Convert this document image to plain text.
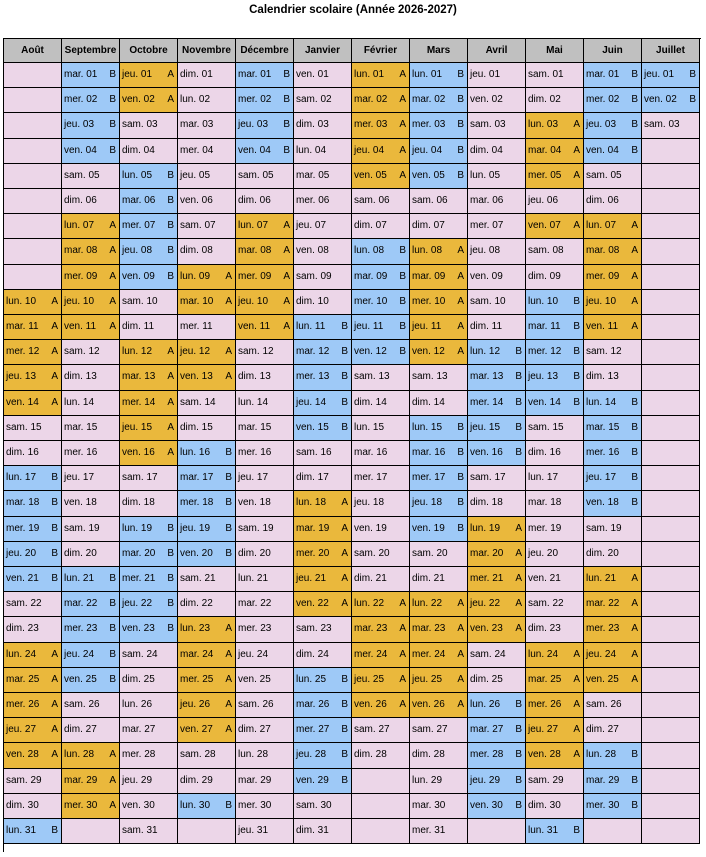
Calendrier scolaire (Année 2026-2027)
Août
lun. 10 A
mar. 11 A
mer. 12 A
jeu. 13 A
ven. 14 A
sam. 15
dim. 16
lun. 17 B
mar. 18 B
mer. 19 B
jeu. 20 B
ven. 21 B
sam. 22
dim. 23
lun. 24 A
mar. 25 A
mer. 26 A
jeu. 27 A
ven. 28 A
sam. 29
dim. 30
lun. 31 B
Septembre
mar. 01 B
mer. 02 B
jeu. 03 B
ven. 04 B
sam. 05
dim. 06
lun. 07 A
mar. 08 A
mer. 09 A
jeu. 10 A
ven. 11 A
sam. 12
dim. 13
lun. 14
mar. 15
mer. 16
jeu. 17
ven. 18
sam. 19
dim. 20
lun. 21 B
mar. 22 B
mer. 23 B
jeu. 24 B
ven. 25 B
sam. 26
dim. 27
lun. 28 A
mar. 29 A
mer. 30 A
Octobre
jeu. 01 A
ven. 02 A
sam. 03
dim. 04
lun. 05 B
mar. 06 B
mer. 07 B
jeu. 08 B
ven. 09 B
sam. 10
dim. 11
lun. 12 A
mar. 13 A
mer. 14 A
jeu. 15 A
ven. 16 A
sam. 17
dim. 18
lun. 19 B
mar. 20 B
mer. 21 B
jeu. 22 B
ven. 23 B
sam. 24
dim. 25
lun. 26
mar. 27
mer. 28
jeu. 29
ven. 30
sam. 31
Novembre
dim. 01
lun. 02
mar. 03
mer. 04
jeu. 05
ven. 06
sam. 07
dim. 08
lun. 09 A
mar. 10 A
mer. 11
jeu. 12 A
ven. 13 A
sam. 14
dim. 15
lun. 16 B
mar. 17 B
mer. 18 B
jeu. 19 B
ven. 20 B
sam. 21
dim. 22
lun. 23 A
mar. 24 A
mer. 25 A
jeu. 26 A
ven. 27 A
sam. 28
dim. 29
lun. 30 B
Décembre
mar. 01 B
mer. 02 B
jeu. 03 B
ven. 04 B
sam. 05
dim. 06
lun. 07 A
mar. 08 A
mer. 09 A
jeu. 10 A
ven. 11 A
sam. 12
dim. 13
lun. 14
mar. 15
mer. 16
jeu. 17
ven. 18
sam. 19
dim. 20
lun. 21
mar. 22
mer. 23
jeu. 24
ven. 25
sam. 26
dim. 27
lun. 28
mar. 29
mer. 30
jeu. 31
Janvier
ven. 01
sam. 02
dim. 03
lun. 04
mar. 05
mer. 06
jeu. 07
ven. 08
sam. 09
dim. 10
lun. 11 B
mar. 12 B
mer. 13 B
jeu. 14 B
ven. 15 B
sam. 16
dim. 17
lun. 18 A
mar. 19 A
mer. 20 A
jeu. 21 A
ven. 22 A
sam. 23
dim. 24
lun. 25 B
mar. 26 B
mer. 27 B
jeu. 28 B
ven. 29 B
sam. 30
dim. 31
Février
lun. 01 A
mar. 02 A
mer. 03 A
jeu. 04 A
ven. 05 A
sam. 06
dim. 07
lun. 08 B
mar. 09 B
mer. 10 B
jeu. 11 B
ven. 12 B
sam. 13
dim. 14
lun. 15
mar. 16
mer. 17
jeu. 18
ven. 19
sam. 20
dim. 21
lun. 22 A
mar. 23 A
mer. 24 A
jeu. 25 A
ven. 26 A
sam. 27
dim. 28
Mars
lun. 01 B
mar. 02 B
mer. 03 B
jeu. 04 B
ven. 05 B
sam. 06
dim. 07
lun. 08 A
mar. 09 A
mer. 10 A
jeu. 11 A
ven. 12 A
sam. 13
dim. 14
lun. 15 B
mar. 16 B
mer. 17 B
jeu. 18 B
ven. 19 B
sam. 20
dim. 21
lun. 22 A
mar. 23 A
mer. 24 A
jeu. 25 A
ven. 26 A
sam. 27
dim. 28
lun. 29
mar. 30
mer. 31
Avril
jeu. 01
ven. 02
sam. 03
dim. 04
lun. 05
mar. 06
mer. 07
jeu. 08
ven. 09
sam. 10
dim. 11
lun. 12 B
mar. 13 B
mer. 14 B
jeu. 15 B
ven. 16 B
sam. 17
dim. 18
lun. 19 A
mar. 20 A
mer. 21 A
jeu. 22 A
ven. 23 A
sam. 24
dim. 25
lun. 26 B
mar. 27 B
mer. 28 B
jeu. 29 B
ven. 30 B
Mai
sam. 01
dim. 02
lun. 03 A
mar. 04 A
mer. 05 A
jeu. 06
ven. 07 A
sam. 08
dim. 09
lun. 10 B
mar. 11 B
mer. 12 B
jeu. 13 B
ven. 14 B
sam. 15
dim. 16
lun. 17
mar. 18
mer. 19
jeu. 20
ven. 21
sam. 22
dim. 23
lun. 24 A
mar. 25 A
mer. 26 A
jeu. 27 A
ven. 28 A
sam. 29
dim. 30
lun. 31 B
Juin
mar. 01 B
mer. 02 B
jeu. 03 B
ven. 04 B
sam. 05
dim. 06
lun. 07 A
mar. 08 A
mer. 09 A
jeu. 10 A
ven. 11 A
sam. 12
dim. 13
lun. 14 B
mar. 15 B
mer. 16 B
jeu. 17 B
ven. 18 B
sam. 19
dim. 20
lun. 21 A
mar. 22 A
mer. 23 A
jeu. 24 A
ven. 25 A
sam. 26
dim. 27
lun. 28 B
mar. 29 B
mer. 30 B
Juillet
jeu. 01 B
ven. 02 B
sam. 03
